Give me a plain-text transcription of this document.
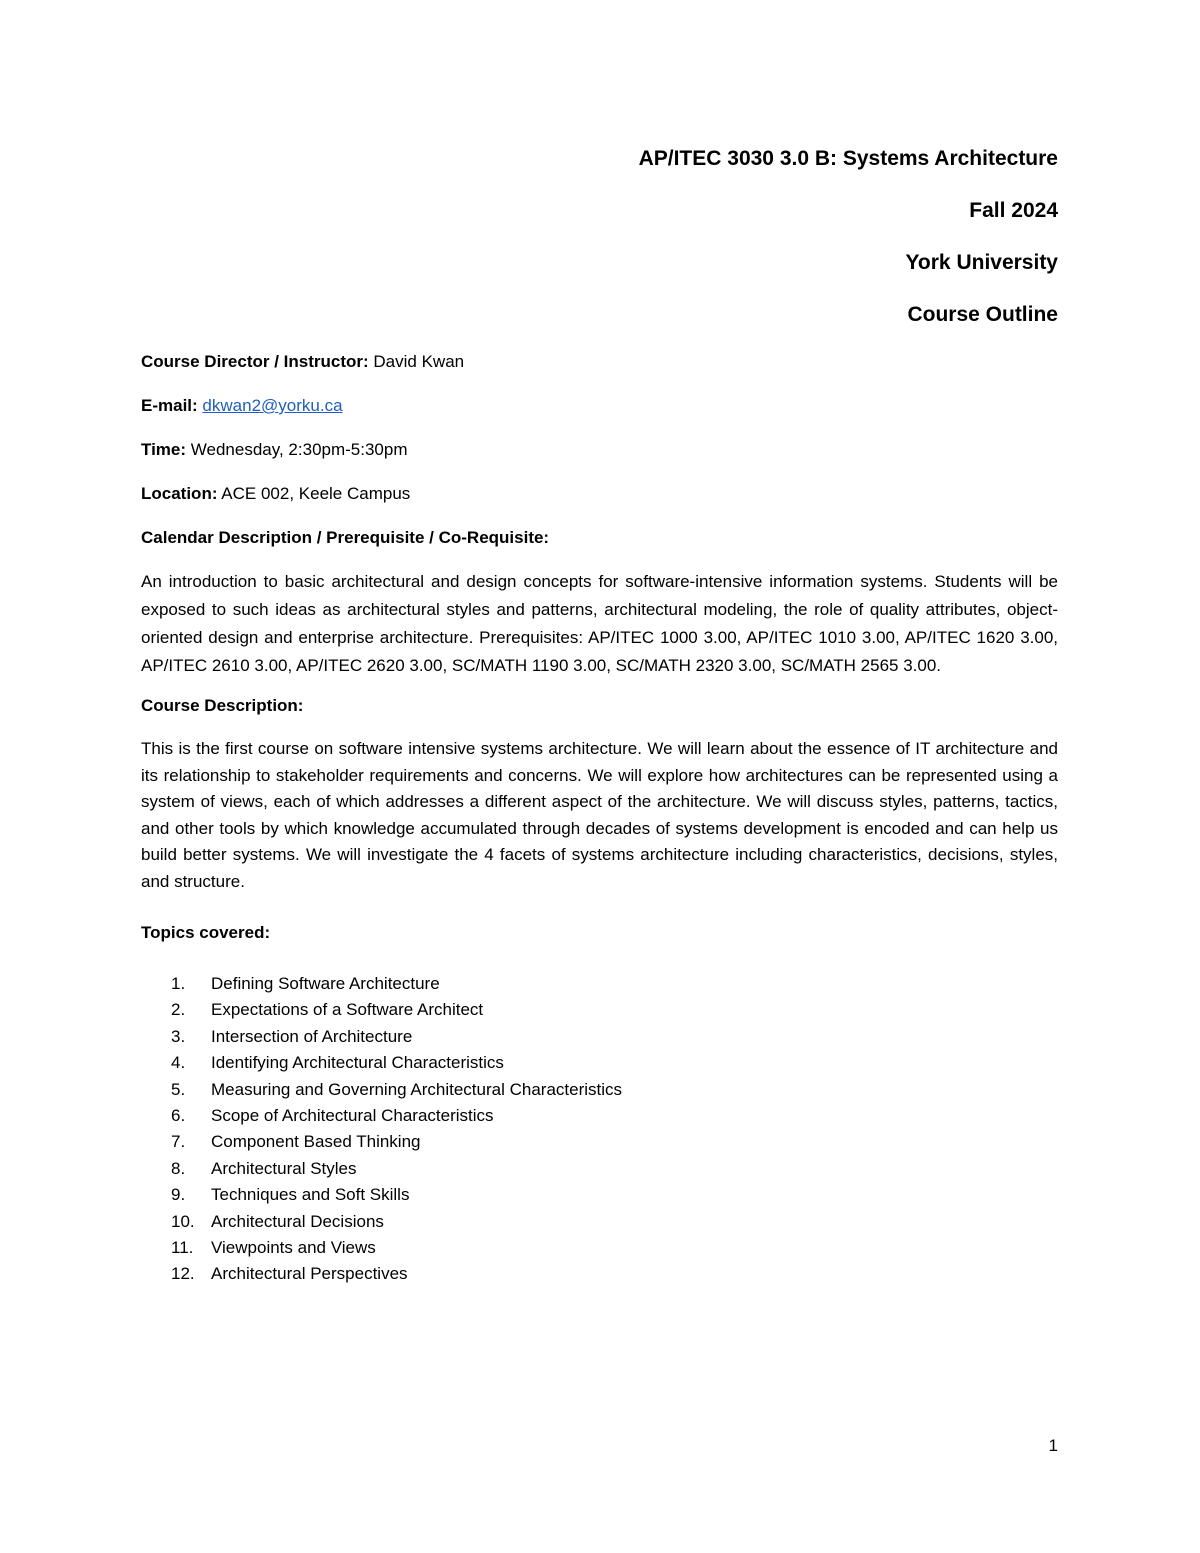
AP/ITEC 3030 3.0 B: Systems Architecture
Fall 2024
York University
Course Outline
Course Director / Instructor: David Kwan
E-mail: dkwan2@yorku.ca
Time: Wednesday, 2:30pm-5:30pm
Location: ACE 002, Keele Campus
Calendar Description / Prerequisite / Co-Requisite:

An introduction to basic architectural and design concepts for software-intensive information systems. Students will be exposed to such ideas as architectural styles and patterns, architectural modeling, the role of quality attributes, object-oriented design and enterprise architecture. Prerequisites: AP/ITEC 1000 3.00, AP/ITEC 1010 3.00, AP/ITEC 1620 3.00, AP/ITEC 2610 3.00, AP/ITEC 2620 3.00, SC/MATH 1190 3.00, SC/MATH 2320 3.00, SC/MATH 2565 3.00.

Course Description:

This is the first course on software intensive systems architecture. We will learn about the essence of IT architecture and its relationship to stakeholder requirements and concerns. We will explore how architectures can be represented using a system of views, each of which addresses a different aspect of the architecture. We will discuss styles, patterns, tactics, and other tools by which knowledge accumulated through decades of systems development is encoded and can help us build better systems. We will investigate the 4 facets of systems architecture including characteristics, decisions, styles, and structure.

Topics covered:
1.	Defining Software Architecture
2.	Expectations of a Software Architect
3.	Intersection of Architecture
4.	Identifying Architectural Characteristics
5.	Measuring and Governing Architectural Characteristics
6.	Scope of Architectural Characteristics
7.	Component Based Thinking
8.	Architectural Styles
9.	Techniques and Soft Skills
10. Architectural Decisions
11.	Viewpoints and Views
12. Architectural Perspectives
1
